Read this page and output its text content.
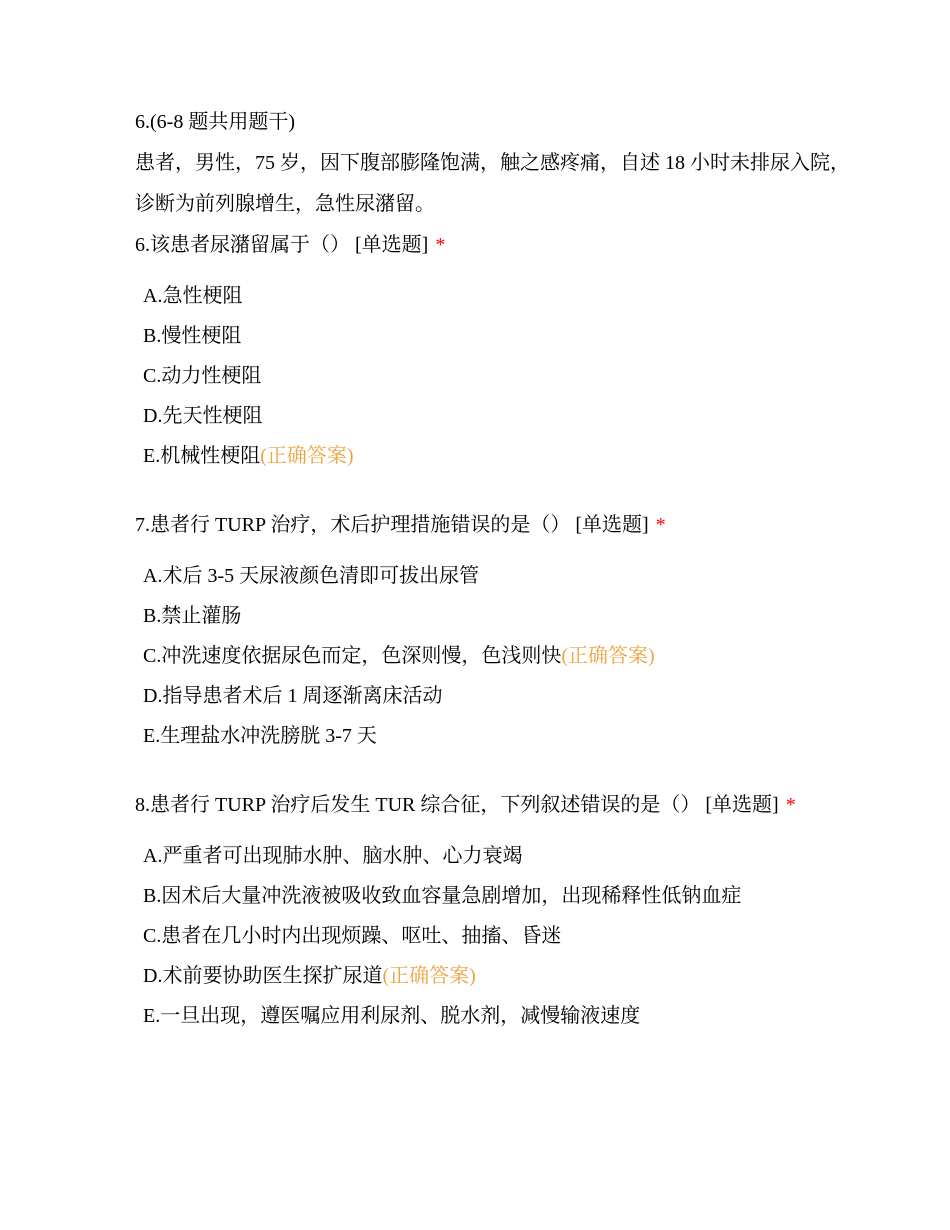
6.(6-8 题共用题干)
患者，男性，75 岁，因下腹部膨隆饱满，触之感疼痛，自述 18 小时未排尿入院，
诊断为前列腺增生，急性尿潴留。
6.该患者尿潴留属于（） [单选题] *
A.急性梗阻
B.慢性梗阻
C.动力性梗阻
D.先天性梗阻
E.机械性梗阻(正确答案)
7.患者行 TURP 治疗，术后护理措施错误的是（） [单选题] *
A.术后 3-5 天尿液颜色清即可拔出尿管
B.禁止灌肠
C.冲洗速度依据尿色而定，色深则慢，色浅则快(正确答案)
D.指导患者术后 1 周逐渐离床活动
E.生理盐水冲洗膀胱 3-7 天
8.患者行 TURP 治疗后发生 TUR 综合征，下列叙述错误的是（） [单选题] *
A.严重者可出现肺水肿、脑水肿、心力衰竭
B.因术后大量冲洗液被吸收致血容量急剧增加，出现稀释性低钠血症
C.患者在几小时内出现烦躁、呕吐、抽搐、昏迷
D.术前要协助医生探扩尿道(正确答案)
E.一旦出现，遵医嘱应用利尿剂、脱水剂，减慢输液速度
